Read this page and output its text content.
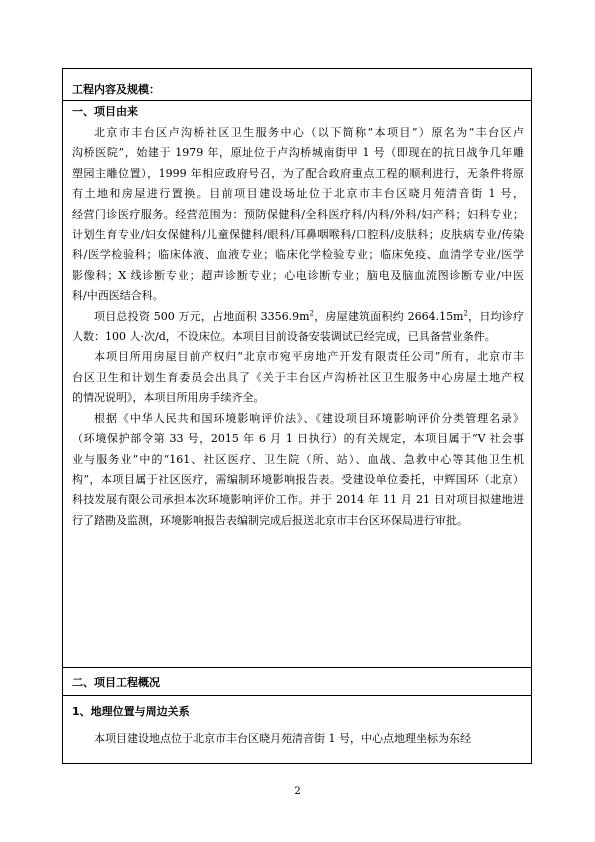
工程内容及规模：
一、项目由来
北京市丰台区卢沟桥社区卫生服务中心（以下简称“本项目”）原名为“丰台区卢
沟桥医院”，始建于 1979 年，原址位于卢沟桥城南街甲 1 号（即现在的抗日战争几年雕
塑园主雕位置），1999 年相应政府号召，为了配合政府重点工程的顺利进行，无条件将原
有土地和房屋进行置换。目前项目建设场址位于北京市丰台区晓月苑清音街 1 号，
经营门诊医疗服务。经营范围为：预防保健科/全科医疗科/内科/外科/妇产科；妇科专业；
计划生育专业/妇女保健科/儿童保健科/眼科/耳鼻咽喉科/口腔科/皮肤科；皮肤病专业/传染
科/医学检验科；临床体液、血液专业；临床化学检验专业；临床免疫、血清学专业/医学
影像科；X 线诊断专业；超声诊断专业；心电诊断专业；脑电及脑血流图诊断专业/中医
科/中西医结合科。
项目总投资 500 万元，占地面积 $3356.9m^2$，房屋建筑面积约 $2664.15m^2$，日均诊疗
人数：100 人·次/d，不设床位。本项目目前设备安装调试已经完成，已具备营业条件。
本项目所用房屋目前产权归“北京市宛平房地产开发有限责任公司”所有，北京市丰
台区卫生和计划生育委员会出具了《关于丰台区卢沟桥社区卫生服务中心房屋土地产权
的情况说明》，本项目所用房手续齐全。
根据《中华人民共和国环境影响评价法》、《建设项目环境影响评价分类管理名录》
（环境保护部令第 33 号，2015 年 6 月 1 日执行）的有关规定，本项目属于“V 社会事
业与服务业”中的“161、社区医疗、卫生院（所、站）、血战、急救中心等其他卫生机
构”，本项目属于社区医疗，需编制环境影响报告表。受建设单位委托，中辉国环（北京）
科技发展有限公司承担本次环境影响评价工作。并于 2014 年 11 月 21 日对项目拟建地进
行了踏勘及监测，环境影响报告表编制完成后报送北京市丰台区环保局进行审批。
二、项目工程概况
1、地理位置与周边关系
本项目建设地点位于北京市丰台区晓月苑清音街 1 号，中心点地理坐标为东经
2
